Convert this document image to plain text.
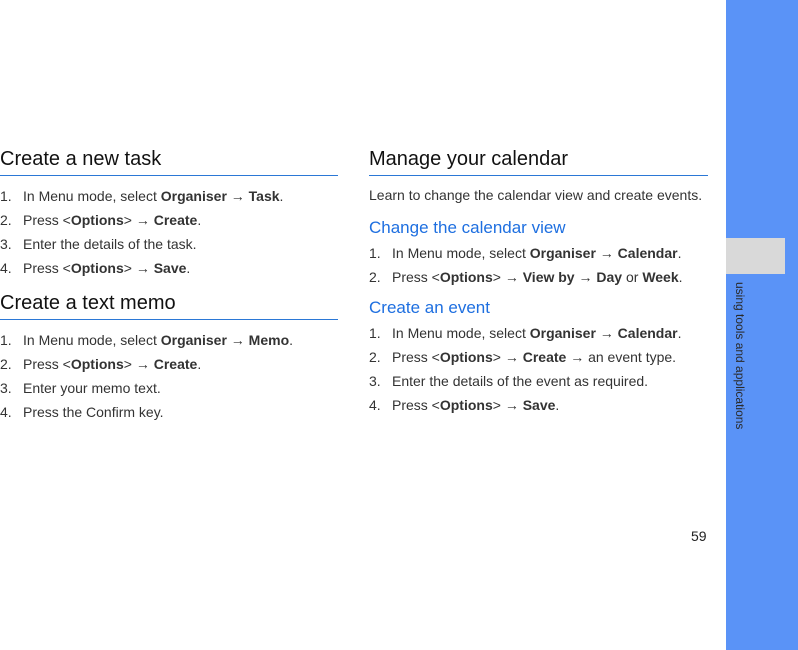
Create a new task
1. In Menu mode, select Organiser → Task.
2. Press <Options> → Create.
3. Enter the details of the task.
4. Press <Options> → Save.
Create a text memo
1. In Menu mode, select Organiser → Memo.
2. Press <Options> → Create.
3. Enter your memo text.
4. Press the Confirm key.
Manage your calendar

Learn to change the calendar view and create events.

Change the calendar view
1. In Menu mode, select Organiser → Calendar.
2. Press <Options> → View by → Day or Week.
Create an event
1. In Menu mode, select Organiser → Calendar.
2. Press <Options> → Create → an event type.
3. Enter the details of the event as required.
4. Press <Options> → Save.	using tools and applications
59
